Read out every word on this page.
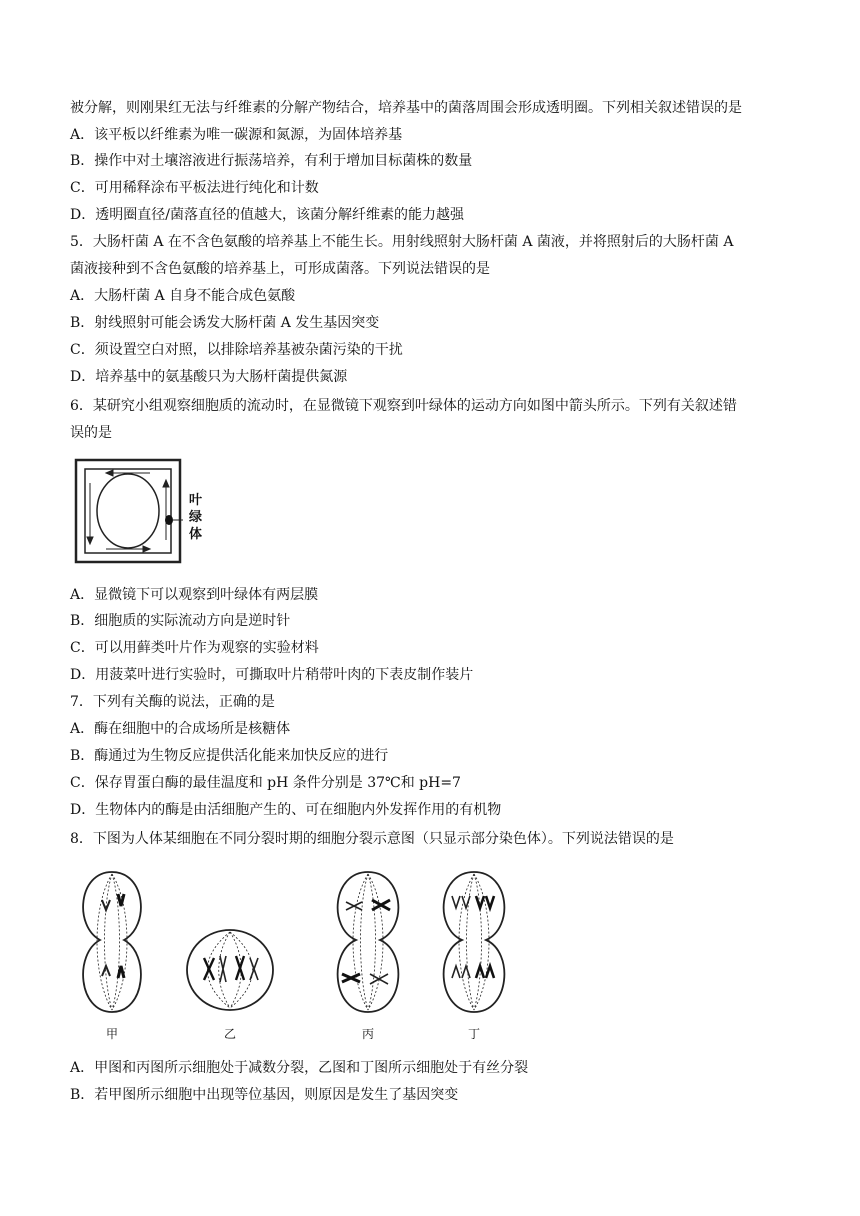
被分解，则刚果红无法与纤维素的分解产物结合，培养基中的菌落周围会形成透明圈。下列相关叙述错误的是
A．该平板以纤维素为唯一碳源和氮源，为固体培养基
B．操作中对土壤溶液进行振荡培养，有利于增加目标菌株的数量
C．可用稀释涂布平板法进行纯化和计数
D．透明圈直径/菌落直径的值越大，该菌分解纤维素的能力越强
5．大肠杆菌 A 在不含色氨酸的培养基上不能生长。用射线照射大肠杆菌 A 菌液，并将照射后的大肠杆菌 A
菌液接种到不含色氨酸的培养基上，可形成菌落。下列说法错误的是
A．大肠杆菌 A 自身不能合成色氨酸
B．射线照射可能会诱发大肠杆菌 A 发生基因突变
C．须设置空白对照，以排除培养基被杂菌污染的干扰
D．培养基中的氨基酸只为大肠杆菌提供氮源
6．某研究小组观察细胞质的流动时，在显微镜下观察到叶绿体的运动方向如图中箭头所示。下列有关叙述错
误的是
叶
绿
体
A．显微镜下可以观察到叶绿体有两层膜
B．细胞质的实际流动方向是逆时针
C．可以用藓类叶片作为观察的实验材料
D．用菠菜叶进行实验时，可撕取叶片稍带叶肉的下表皮制作装片
7．下列有关酶的说法，正确的是
A．酶在细胞中的合成场所是核糖体
B．酶通过为生物反应提供活化能来加快反应的进行
C．保存胃蛋白酶的最佳温度和 pH 条件分别是 37℃和 pH=7
D．生物体内的酶是由活细胞产生的、可在细胞内外发挥作用的有机物
8．下图为人体某细胞在不同分裂时期的细胞分裂示意图（只显示部分染色体）。下列说法错误的是
甲	乙	丙	丁
A．甲图和丙图所示细胞处于减数分裂，乙图和丁图所示细胞处于有丝分裂
B．若甲图所示细胞中出现等位基因，则原因是发生了基因突变
